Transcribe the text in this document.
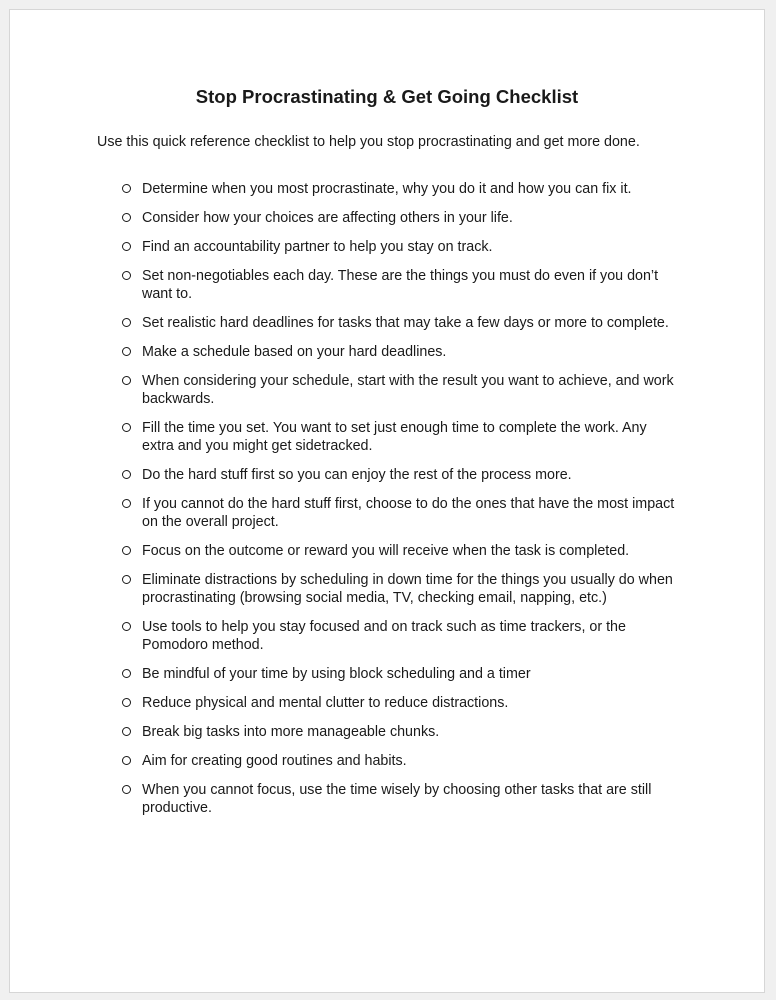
Stop Procrastinating & Get Going Checklist

Use this quick reference checklist to help you stop procrastinating and get more done.

Determine when you most procrastinate, why you do it and how you can fix it.
Consider how your choices are affecting others in your life.
Find an accountability partner to help you stay on track.
Set non-negotiables each day. These are the things you must do even if you don’t want to.
Set realistic hard deadlines for tasks that may take a few days or more to complete.
Make a schedule based on your hard deadlines.
When considering your schedule, start with the result you want to achieve, and work backwards.
Fill the time you set. You want to set just enough time to complete the work. Any extra and you might get sidetracked.
Do the hard stuff first so you can enjoy the rest of the process more.
If you cannot do the hard stuff first, choose to do the ones that have the most impact on the overall project.
Focus on the outcome or reward you will receive when the task is completed.
Eliminate distractions by scheduling in down time for the things you usually do when procrastinating (browsing social media, TV, checking email, napping, etc.)
Use tools to help you stay focused and on track such as time trackers, or the Pomodoro method.
Be mindful of your time by using block scheduling and a timer
Reduce physical and mental clutter to reduce distractions.
Break big tasks into more manageable chunks.
Aim for creating good routines and habits.
When you cannot focus, use the time wisely by choosing other tasks that are still productive.
